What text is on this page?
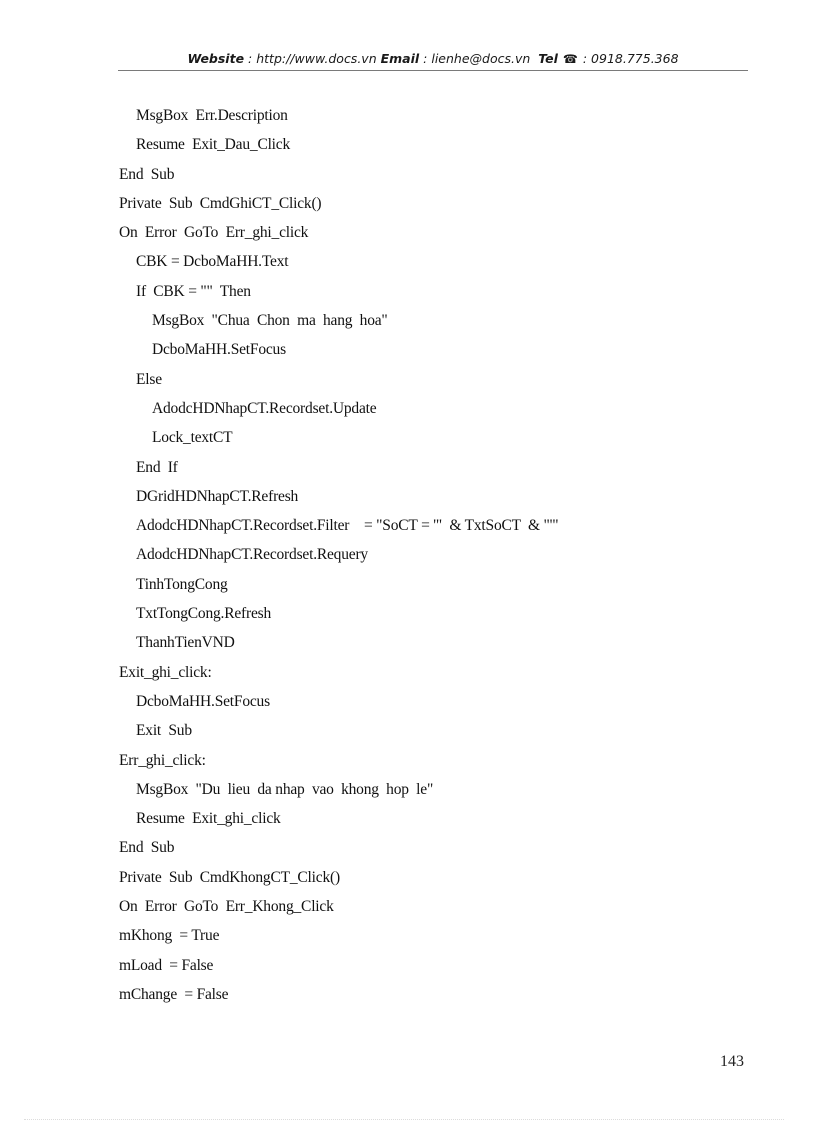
Website : http://www.docs.vn Email : lienhe@docs.vn Tel ☎ : 0918.775.368
MsgBox  Err.Description
Resume  Exit_Dau_Click
End  Sub
Private  Sub  CmdGhiCT_Click()
On  Error  GoTo  Err_ghi_click
CBK = DcboMaHH.Text
If  CBK = ""  Then
MsgBox  "Chua  Chon  ma  hang  hoa"
DcboMaHH.SetFocus
Else
AdodcHDNhapCT.Recordset.Update
Lock_textCT
End  If
DGridHDNhapCT.Refresh
AdodcHDNhapCT.Recordset.Filter    = "SoCT = '"  & TxtSoCT  & "'"
AdodcHDNhapCT.Recordset.Requery
TinhTongCong
TxtTongCong.Refresh
ThanhTienVND
Exit_ghi_click:
DcboMaHH.SetFocus
Exit  Sub
Err_ghi_click:
MsgBox  "Du  lieu  da nhap  vao  khong  hop  le"
Resume  Exit_ghi_click
End  Sub
Private  Sub  CmdKhongCT_Click()
On  Error  GoTo  Err_Khong_Click
mKhong  = True
mLoad  = False
mChange  = False
143
